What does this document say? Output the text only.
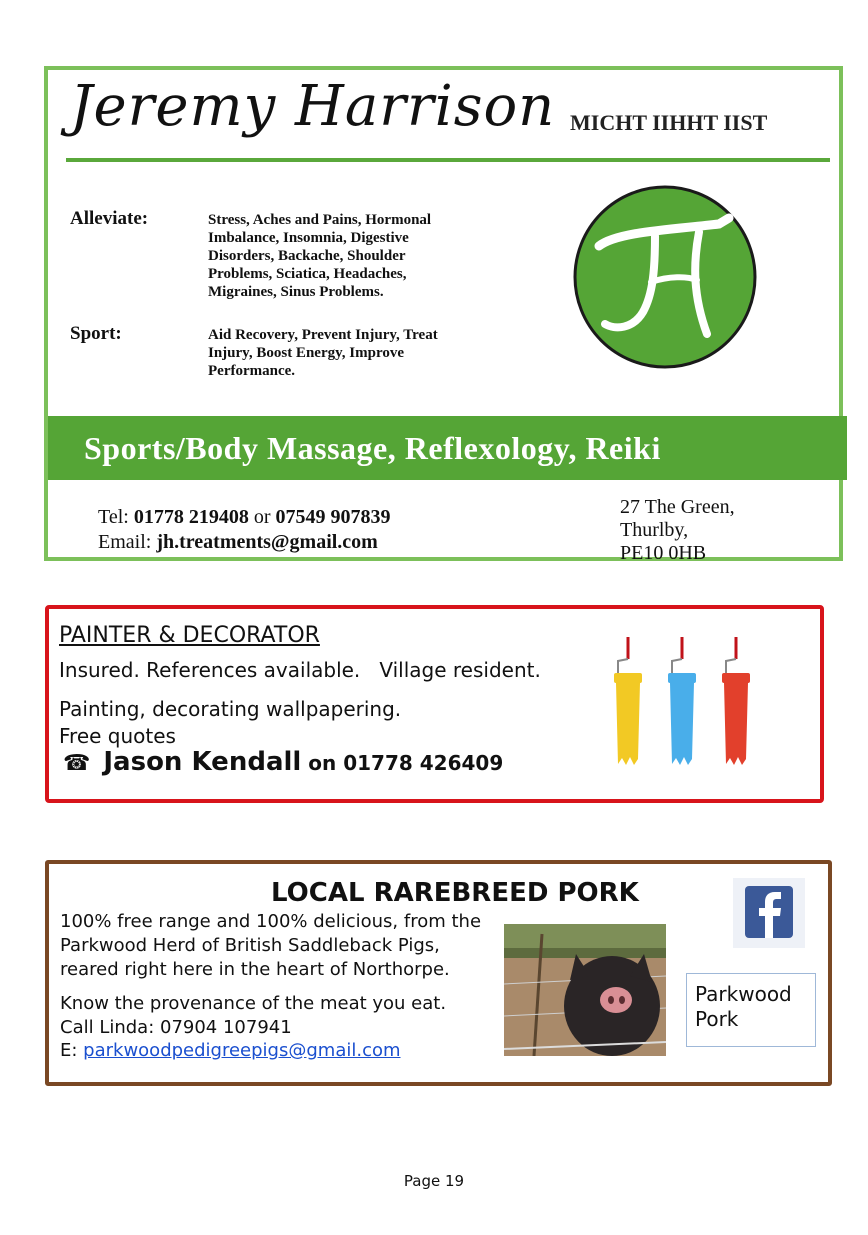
Jeremy Harrison MICHT IIHHT IIST
Alleviate:	Stress, Aches and Pains, Hormonal
Imbalance, Insomnia, Digestive
Disorders, Backache, Shoulder
Problems, Sciatica, Headaches,
Migraines, Sinus Problems.
Sport:	Aid Recovery, Prevent Injury, Treat
Injury, Boost Energy, Improve
Performance.
Sports/Body Massage, Reflexology, Reiki
Tel: 01778 219408 or 07549 907839
Email: jh.treatments@gmail.com
27 The Green,
Thurlby,
PE10 0HB
PAINTER & DECORATOR
Insured. References available.   Village resident.
Painting, decorating wallpapering.
Free quotes
☎ Jason Kendall on 01778 426409
LOCAL RAREBREED PORK
100% free range and 100% delicious, from the
Parkwood Herd of British Saddleback Pigs,
reared right here in the heart of Northorpe.
Know the provenance of the meat you eat.
Call Linda: 07904 107941
E: parkwoodpedigreepigs@gmail.com
Parkwood
Pork
Page 19
